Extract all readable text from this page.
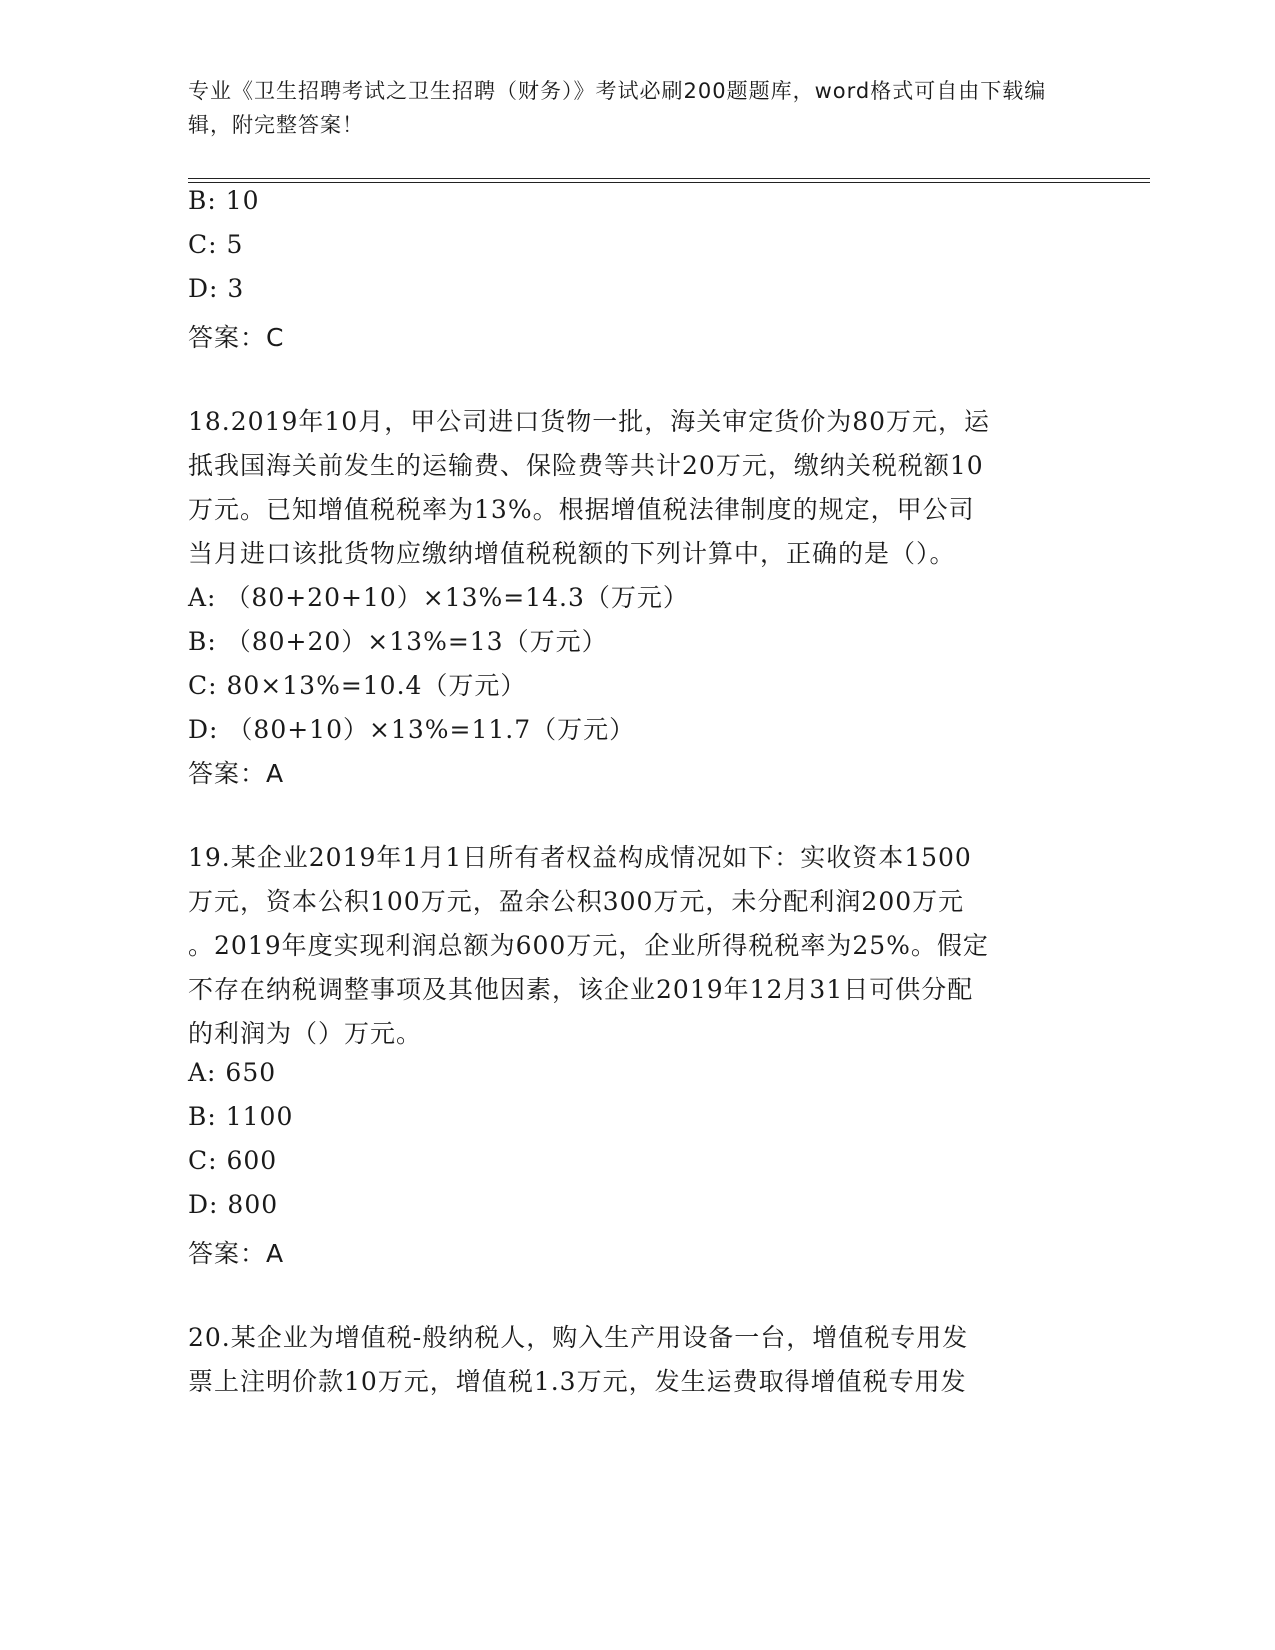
专业《卫生招聘考试之卫生招聘（财务）》考试必刷200题题库，word格式可自由下载编辑，附完整答案！
B: 10
C: 5
D: 3
答案：C
18.2019年10月，甲公司进口货物一批，海关审定货价为80万元，运
抵我国海关前发生的运输费、保险费等共计20万元，缴纳关税税额10
万元。已知增值税税率为13%。根据增值税法律制度的规定，甲公司
当月进口该批货物应缴纳增值税税额的下列计算中，正确的是（）。
A: （80+20+10）×13%=14.3（万元）
B: （80+20）×13%=13（万元）
C: 80×13%=10.4（万元）
D: （80+10）×13%=11.7（万元）
答案：A
19.某企业2019年1月1日所有者权益构成情况如下：实收资本1500
万元，资本公积100万元，盈余公积300万元，未分配利润200万元
。2019年度实现利润总额为600万元，企业所得税税率为25%。假定
不存在纳税调整事项及其他因素，该企业2019年12月31日可供分配
的利润为（）万元。
A: 650
B: 1100
C: 600
D: 800
答案：A
20.某企业为增值税-般纳税人，购入生产用设备一台，增值税专用发
票上注明价款10万元，增值税1.3万元，发生运费取得增值税专用发
